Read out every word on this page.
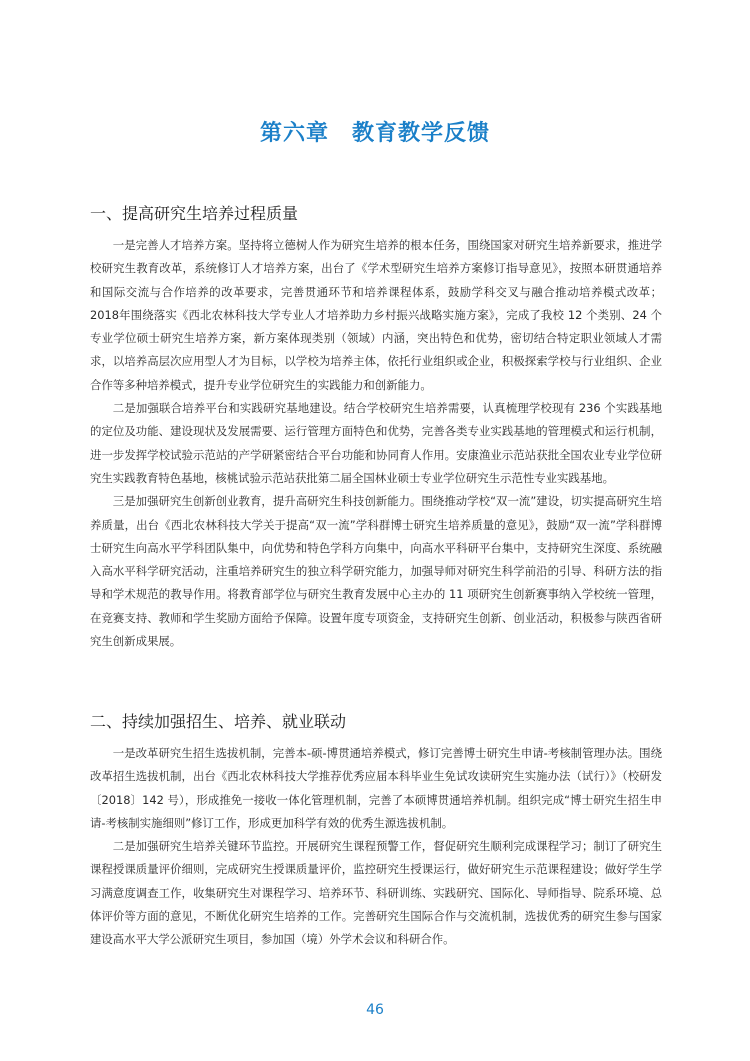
第六章　教育教学反馈
一、提高研究生培养过程质量

一是完善人才培养方案。坚持将立德树人作为研究生培养的根本任务，围绕国家对研究生培养新要求，推进学校研究生教育改革，系统修订人才培养方案，出台了《学术型研究生培养方案修订指导意见》，按照本研贯通培养和国际交流与合作培养的改革要求，完善贯通环节和培养课程体系，鼓励学科交叉与融合推动培养模式改革；2018年围绕落实《西北农林科技大学专业人才培养助力乡村振兴战略实施方案》，完成了我校 12 个类别、24 个专业学位硕士研究生培养方案，新方案体现类别（领域）内涵，突出特色和优势，密切结合特定职业领域人才需求，以培养高层次应用型人才为目标，以学校为培养主体，依托行业组织或企业，积极探索学校与行业组织、企业合作等多种培养模式，提升专业学位研究生的实践能力和创新能力。

二是加强联合培养平台和实践研究基地建设。结合学校研究生培养需要，认真梳理学校现有 236 个实践基地的定位及功能、建设现状及发展需要、运行管理方面特色和优势，完善各类专业实践基地的管理模式和运行机制，进一步发挥学校试验示范站的产学研紧密结合平台功能和协同育人作用。安康渔业示范站获批全国农业专业学位研究生实践教育特色基地，核桃试验示范站获批第二届全国林业硕士专业学位研究生示范性专业实践基地。

三是加强研究生创新创业教育，提升高研究生科技创新能力。围绕推动学校“双一流”建设，切实提高研究生培养质量，出台《西北农林科技大学关于提高“双一流”学科群博士研究生培养质量的意见》，鼓励“双一流”学科群博士研究生向高水平学科团队集中，向优势和特色学科方向集中，向高水平科研平台集中，支持研究生深度、系统融入高水平科学研究活动，注重培养研究生的独立科学研究能力，加强导师对研究生科学前沿的引导、科研方法的指导和学术规范的教导作用。将教育部学位与研究生教育发展中心主办的 11 项研究生创新赛事纳入学校统一管理，在竞赛支持、教师和学生奖励方面给予保障。设置年度专项资金，支持研究生创新、创业活动，积极参与陕西省研究生创新成果展。

二、持续加强招生、培养、就业联动

一是改革研究生招生选拔机制，完善本-硕-博贯通培养模式，修订完善博士研究生申请-考核制管理办法。围绕改革招生选拔机制，出台《西北农林科技大学推荐优秀应届本科毕业生免试攻读研究生实施办法（试行）》（校研发〔2018〕142 号），形成推免一接收一体化管理机制，完善了本硕博贯通培养机制。组织完成“博士研究生招生申请-考核制实施细则”修订工作，形成更加科学有效的优秀生源选拔机制。

二是加强研究生培养关键环节监控。开展研究生课程预警工作，督促研究生顺利完成课程学习；制订了研究生课程授课质量评价细则，完成研究生授课质量评价，监控研究生授课运行，做好研究生示范课程建设；做好学生学习满意度调查工作，收集研究生对课程学习、培养环节、科研训练、实践研究、国际化、导师指导、院系环境、总体评价等方面的意见，不断优化研究生培养的工作。完善研究生国际合作与交流机制，选拔优秀的研究生参与国家建设高水平大学公派研究生项目，参加国（境）外学术会议和科研合作。

46
